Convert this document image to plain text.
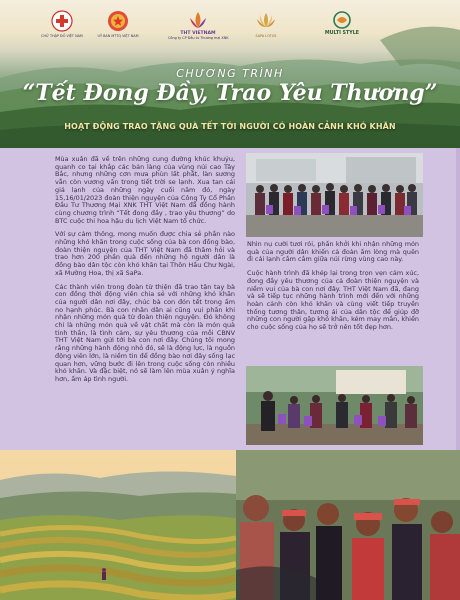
CHỮ THẬP ĐỎ VIỆT NAM	UỶ BAN MTTQ VIỆT NAM	THT VIETNAM
Công ty CP Đầu tư Thương mại XNK	SAPA LOTUS	MULTI STYLE
CHƯƠNG TRÌNH
“Tết Đong Đầy, Trao Yêu Thương”
HOẠT ĐỘNG TRAO TẶNG QUÀ TẾT TỚI NGƯỜI CÓ HOÀN CẢNH KHÓ KHĂN

Mùa xuân đã về trên những cung đường khúc khuỷu, quanh co tại khắp các bản làng của vùng núi cao Tây Bắc, nhưng những cơn mưa phùn lất phất, làn sương vẫn còn vương vấn trong tiết trời se lạnh. Xua tan cái giá lạnh của những ngày cuối năm đó, ngày 15,16/01/2023 đoàn thiện nguyện của Công Ty Cổ Phần Đầu Tư Thương Mại XNK THT Việt Nam đã đồng hành cùng chương trình “Tết đong đầy , trao yêu thương” do BTC cuộc thi hoa hậu du lịch Việt Nam tổ chức.

Với sự cảm thông, mong muốn được chia sẻ phần nào những khó khăn trong cuộc sống của bà con đồng bào, đoàn thiện nguyện của THT Việt Nam đã thăm hỏi và trao hơn 200 phần quà đến những hộ người dân là đồng bào dân tộc còn khó khăn tại Thôn Hầu Chư Ngài, xã Mường Hoa, thị xã SaPa.

Các thành viên trong đoàn từ thiện đã trao tận tay bà con đồng thời động viên chia sẻ với những khó khăn của người dân nơi đây, chúc bà con đón tết trong ấm no hạnh phúc. Bà con nhân dân ai cũng vui phấn khi nhận những món quà từ đoàn thiện nguyện. Đó không chỉ là những món quà về vật chất mà còn là món quà tinh thần, là tình cảm, sự yêu thương của mỗi CBNV THT Việt Nam gửi tới bà con nơi đây. Chúng tôi mong rằng những hành động nhỏ đó, sẽ là động lực, là nguồn động viên lớn, là niềm tin để đồng bào nơi đây sống lạc quan hơn, vững bước đi lên trong cuộc sống còn nhiều khó khăn. Và đặc biệt, nó sẽ làm lên mùa xuân ý nghĩa hơn, ấm áp tình người.

Nhìn nụ cười tươi rói, phấn khởi khi nhận những món quà của người dân khiến cả đoàn ấm lòng mà quên đi cái lạnh cắm cắm giữa núi rừng vùng cao này.

Cuộc hành trình đã khép lại trong trọn vẹn cảm xúc, đong đầy yêu thương của cả đoàn thiện nguyện và niềm vui của bà con nơi đây. THT Việt Nam đã, đang và sẽ tiếp tục những hành trình mới đến với những hoàn cảnh còn khó khăn và cùng viết tiếp truyền thống tương thân, tương ái của dân tộc để giúp đỡ những con người gặp khó khăn, kém may mắn, khiến cho cuộc sống của họ sẽ trở nên tốt đẹp hơn.
